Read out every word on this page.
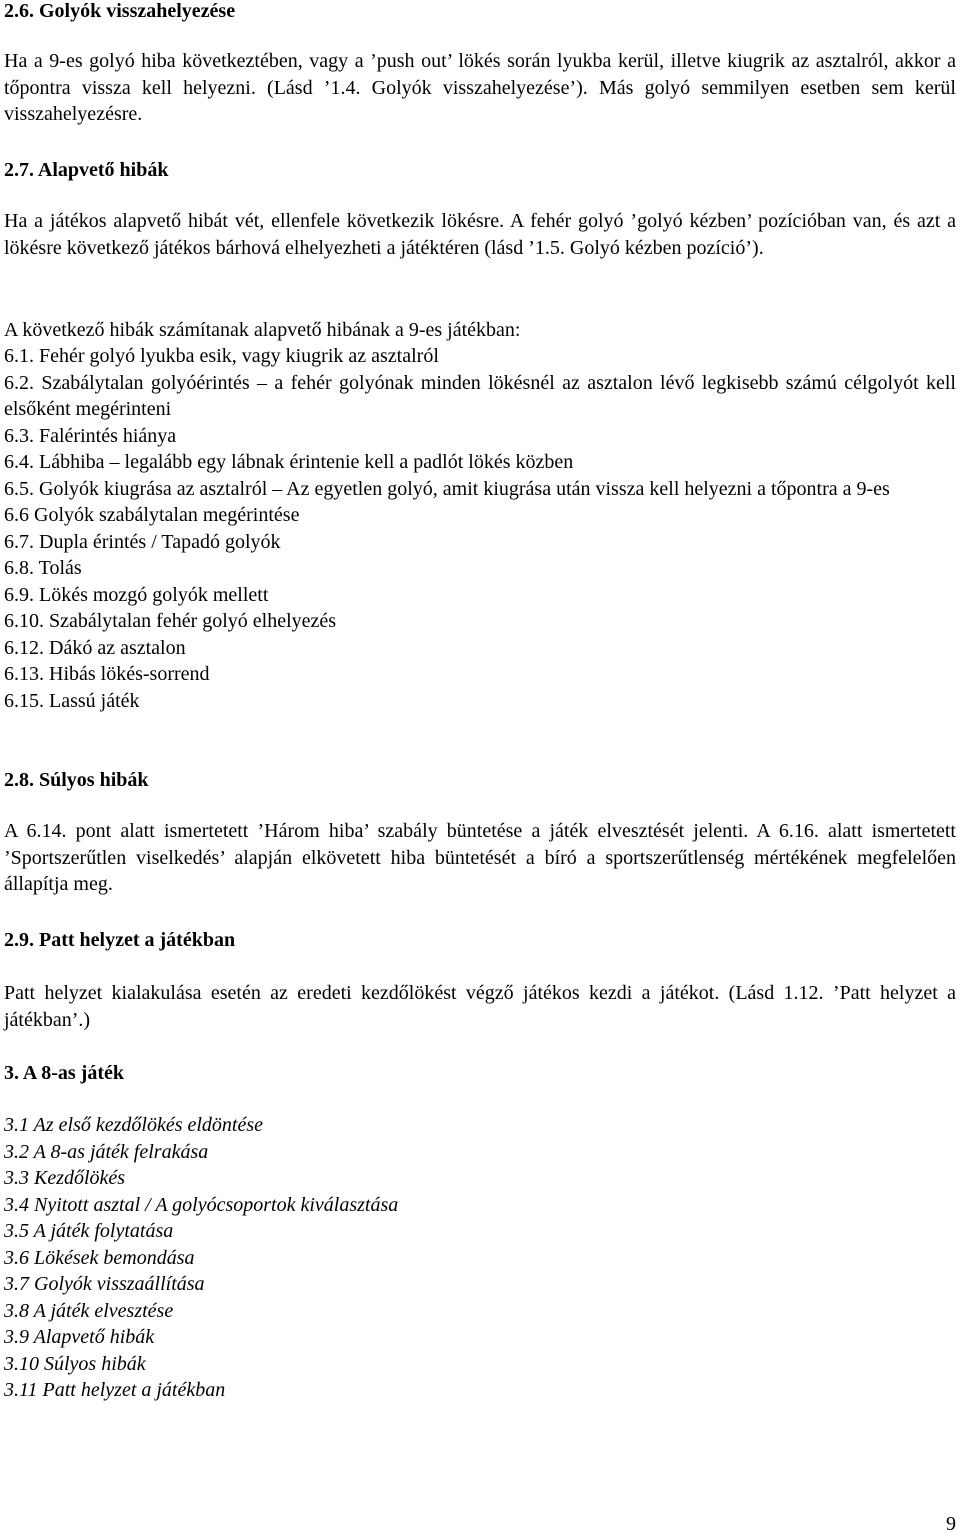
2.6. Golyók visszahelyezése
Ha a 9-es golyó hiba következtében, vagy a ’push out’ lökés során lyukba kerül, illetve kiugrik az asztalról, akkor a tőpontra vissza kell helyezni. (Lásd ’1.4. Golyók visszahelyezése’). Más golyó semmilyen esetben sem kerül visszahelyezésre.
2.7. Alapvető hibák
Ha a játékos alapvető hibát vét, ellenfele következik lökésre. A fehér golyó ’golyó kézben’ pozícióban van, és azt a lökésre következő játékos bárhová elhelyezheti a játéktéren (lásd ’1.5. Golyó kézben pozíció’).
A következő hibák számítanak alapvető hibának a 9-es játékban:
6.1. Fehér golyó lyukba esik, vagy kiugrik az asztalról
6.2. Szabálytalan golyóérintés – a fehér golyónak minden lökésnél az asztalon lévő legkisebb számú célgolyót kell elsőként megérinteni
6.3. Falérintés hiánya
6.4. Lábhiba – legalább egy lábnak érintenie kell a padlót lökés közben
6.5. Golyók kiugrása az asztalról – Az egyetlen golyó, amit kiugrása után vissza kell helyezni a tőpontra a 9-es
6.6 Golyók szabálytalan megérintése
6.7. Dupla érintés / Tapadó golyók
6.8. Tolás
6.9. Lökés mozgó golyók mellett
6.10. Szabálytalan fehér golyó elhelyezés
6.12. Dákó az asztalon
6.13. Hibás lökés-sorrend
6.15. Lassú játék
2.8. Súlyos hibák
A 6.14. pont alatt ismertetett ’Három hiba’ szabály büntetése a játék elvesztését jelenti. A 6.16. alatt ismertetett ’Sportszerűtlen viselkedés’ alapján elkövetett hiba büntetését a bíró a sportszerűtlenség mértékének megfelelően állapítja meg.
2.9. Patt helyzet a játékban
Patt helyzet kialakulása esetén az eredeti kezdőlökést végző játékos kezdi a játékot. (Lásd 1.12. ’Patt helyzet a játékban’.)
3. A 8-as játék
3.1 Az első kezdőlökés eldöntése
3.2 A 8-as játék felrakása
3.3 Kezdőlökés
3.4 Nyitott asztal / A golyócsoportok kiválasztása
3.5 A játék folytatása
3.6 Lökések bemondása
3.7 Golyók visszaállítása
3.8 A játék elvesztése
3.9 Alapvető hibák
3.10 Súlyos hibák
3.11 Patt helyzet a játékban
9
